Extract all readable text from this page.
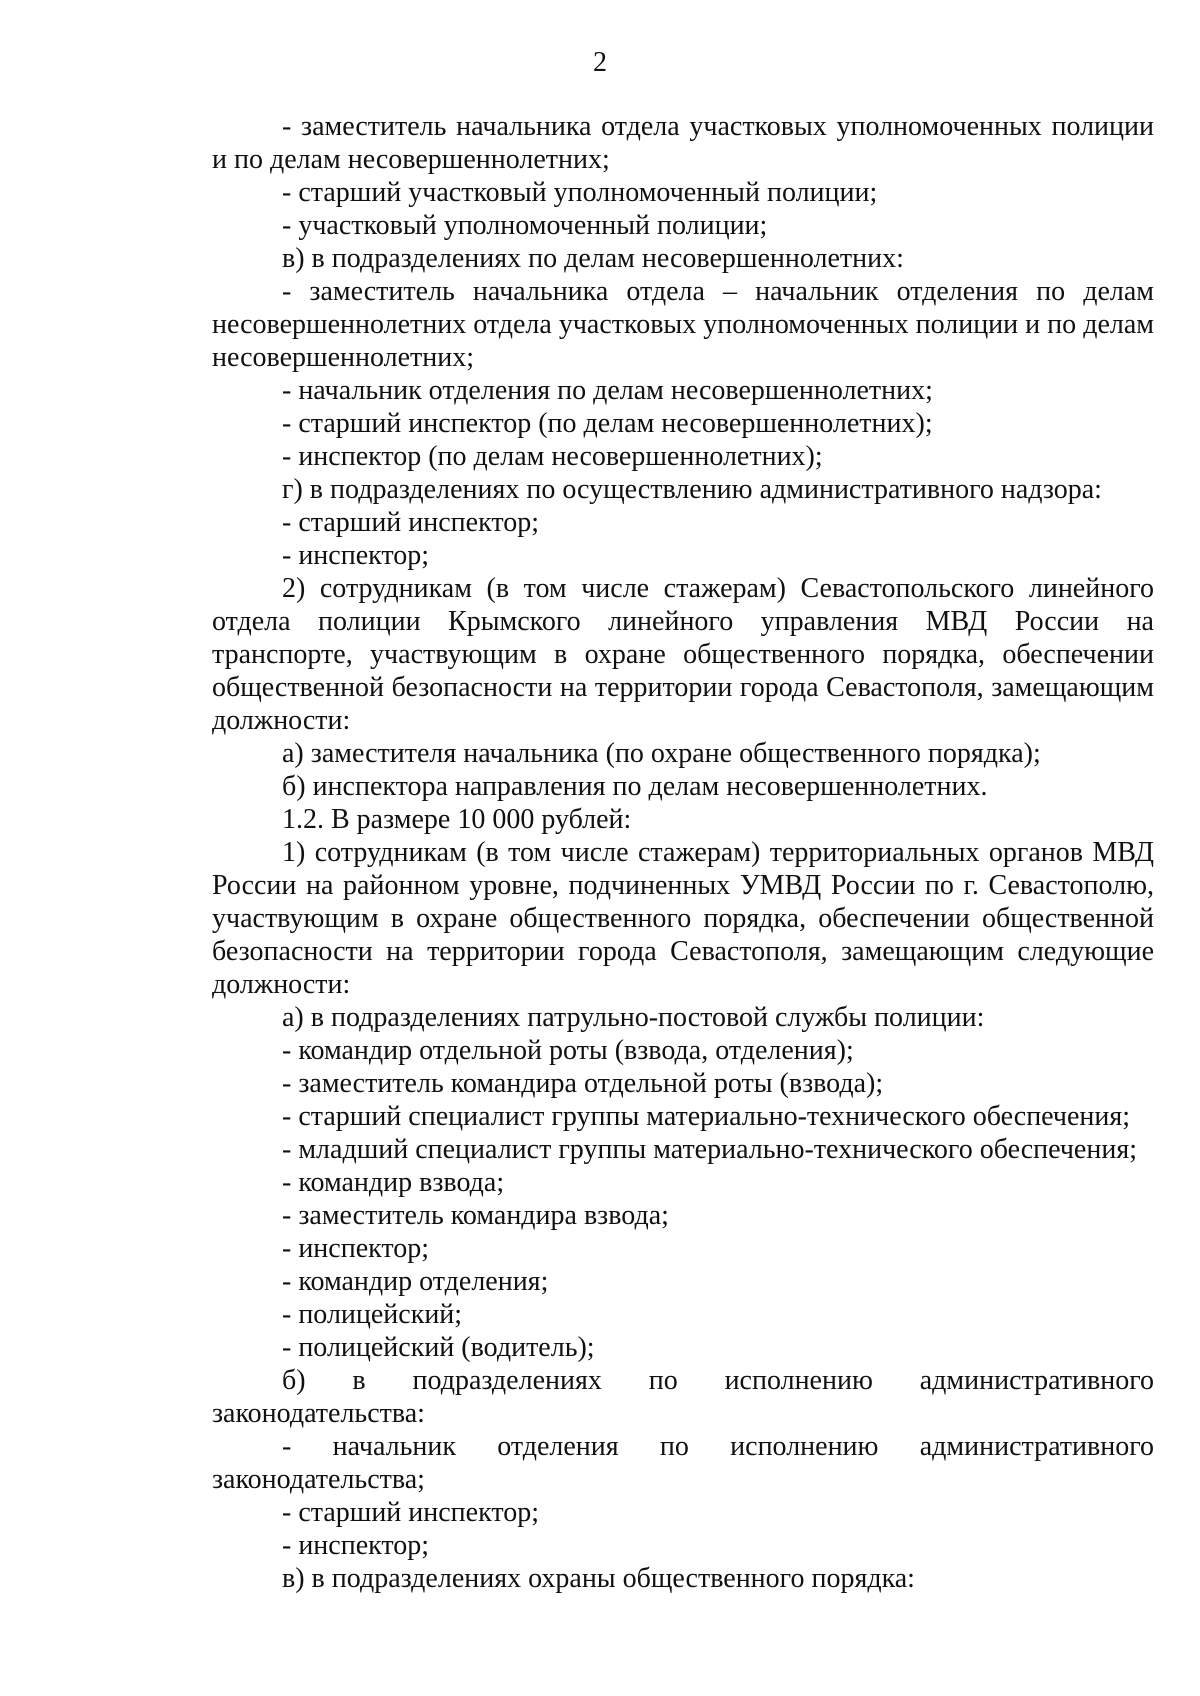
2

- заместитель начальника отдела участковых уполномоченных полиции и по делам несовершеннолетних;

- старший участковый уполномоченный полиции;

- участковый уполномоченный полиции;

в) в подразделениях по делам несовершеннолетних:

- заместитель начальника отдела – начальник отделения по делам несовершеннолетних отдела участковых уполномоченных полиции и по делам несовершеннолетних;

- начальник отделения по делам несовершеннолетних;

- старший инспектор (по делам несовершеннолетних);

- инспектор (по делам несовершеннолетних);

г) в подразделениях по осуществлению административного надзора:

- старший инспектор;

- инспектор;

2) сотрудникам (в том числе стажерам) Севастопольского линейного отдела полиции Крымского линейного управления МВД России на транспорте, участвующим в охране общественного порядка, обеспечении общественной безопасности на территории города Севастополя, замещающим должности:

а) заместителя начальника (по охране общественного порядка);

б) инспектора направления по делам несовершеннолетних.

1.2. В размере 10 000 рублей:

1) сотрудникам (в том числе стажерам) территориальных органов МВД России на районном уровне, подчиненных УМВД России по г. Севастополю, участвующим в охране общественного порядка, обеспечении общественной безопасности на территории города Севастополя, замещающим следующие должности:

а) в подразделениях патрульно-постовой службы полиции:

- командир отдельной роты (взвода, отделения);

- заместитель командира отдельной роты (взвода);

- старший специалист группы материально-технического обеспечения;

- младший специалист группы материально-технического обеспечения;

- командир взвода;

- заместитель командира взвода;

- инспектор;

- командир отделения;

- полицейский;

- полицейский (водитель);

б) в подразделениях по исполнению административного законодательства:

- начальник отделения по исполнению административного законодательства;

- старший инспектор;

- инспектор;

в) в подразделениях охраны общественного порядка:
